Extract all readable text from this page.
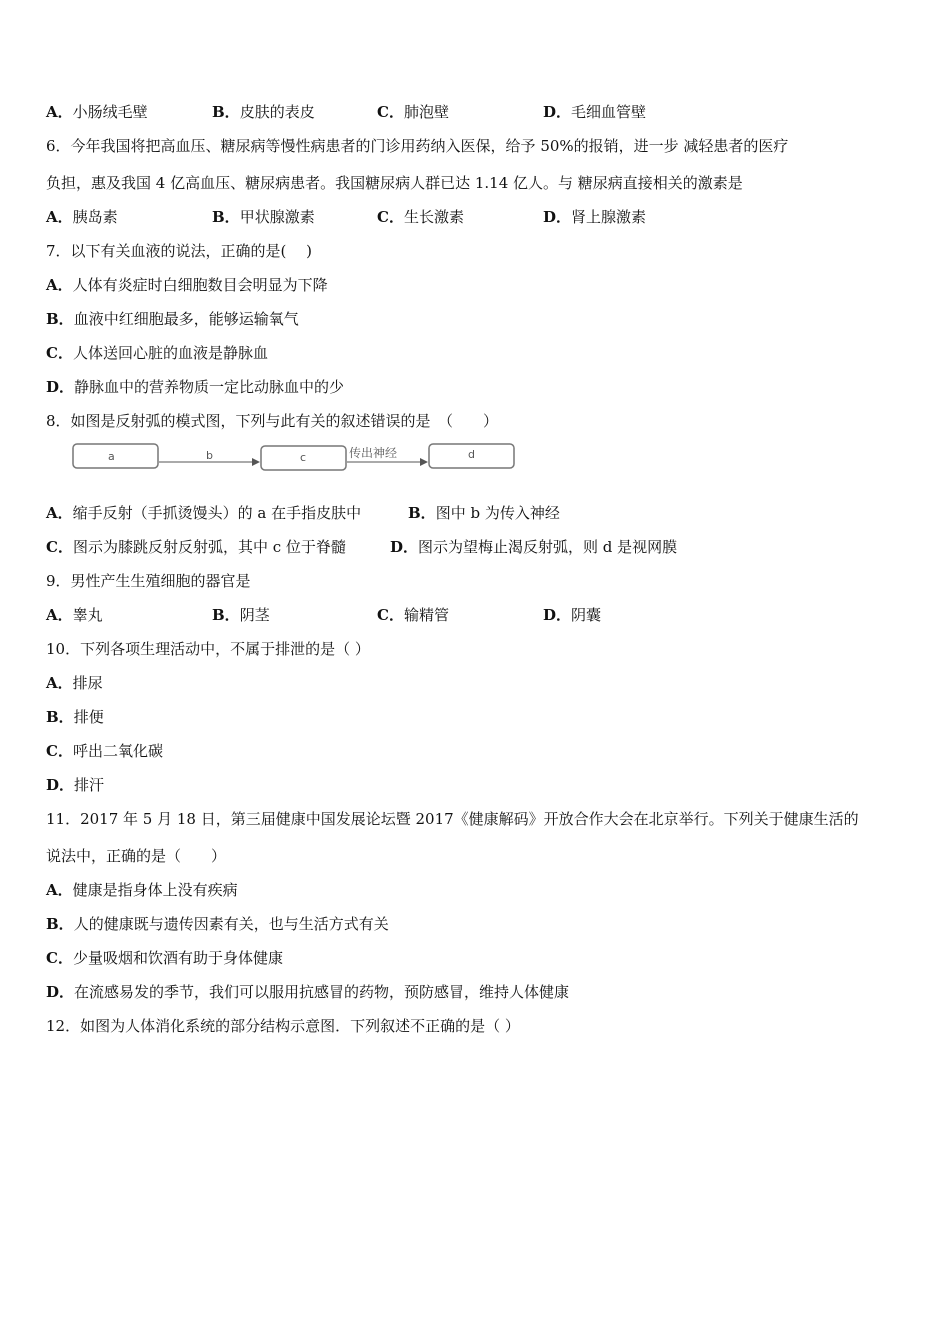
A．小肠绒毛壁	B．皮肤的表皮	C．肺泡壁	D．毛细血管壁
6．今年我国将把高血压、糖尿病等慢性病患者的门诊用药纳入医保，给予 50%的报销，进一步 减轻患者的医疗
负担，惠及我国 4 亿高血压、糖尿病患者。我国糖尿病人群已达 1.14 亿人。与 糖尿病直接相关的激素是
A．胰岛素	B．甲状腺激素	C．生长激素	D．肾上腺激素
7．以下有关血液的说法，正确的是(　 )
A．人体有炎症时白细胞数目会明显为下降
B．血液中红细胞最多，能够运输氧气
C．人体送回心脏的血液是静脉血
D．静脉血中的营养物质一定比动脉血中的少
8．如图是反射弧的模式图，下列与此有关的叙述错误的是　（　　）
a	b	c	传出神经	d
A．缩手反射（手抓烫馒头）的 a 在手指皮肤中	B．图中 b 为传入神经
C．图示为膝跳反射反射弧，其中 c 位于脊髓	D．图示为望梅止渴反射弧，则 d 是视网膜
9．男性产生生殖细胞的器官是
A．睾丸	B．阴茎	C．输精管	D．阴囊
10．下列各项生理活动中，不属于排泄的是（ ）
A．排尿
B．排便
C．呼出二氧化碳
D．排汗
11．2017 年 5 月 18 日，第三届健康中国发展论坛暨 2017《健康解码》开放合作大会在北京举行。下列关于健康生活的
说法中，正确的是（　　）
A．健康是指身体上没有疾病
B．人的健康既与遗传因素有关，也与生活方式有关
C．少量吸烟和饮酒有助于身体健康
D．在流感易发的季节，我们可以服用抗感冒的药物，预防感冒，维持人体健康
12．如图为人体消化系统的部分结构示意图．下列叙述不正确的是（ ）
